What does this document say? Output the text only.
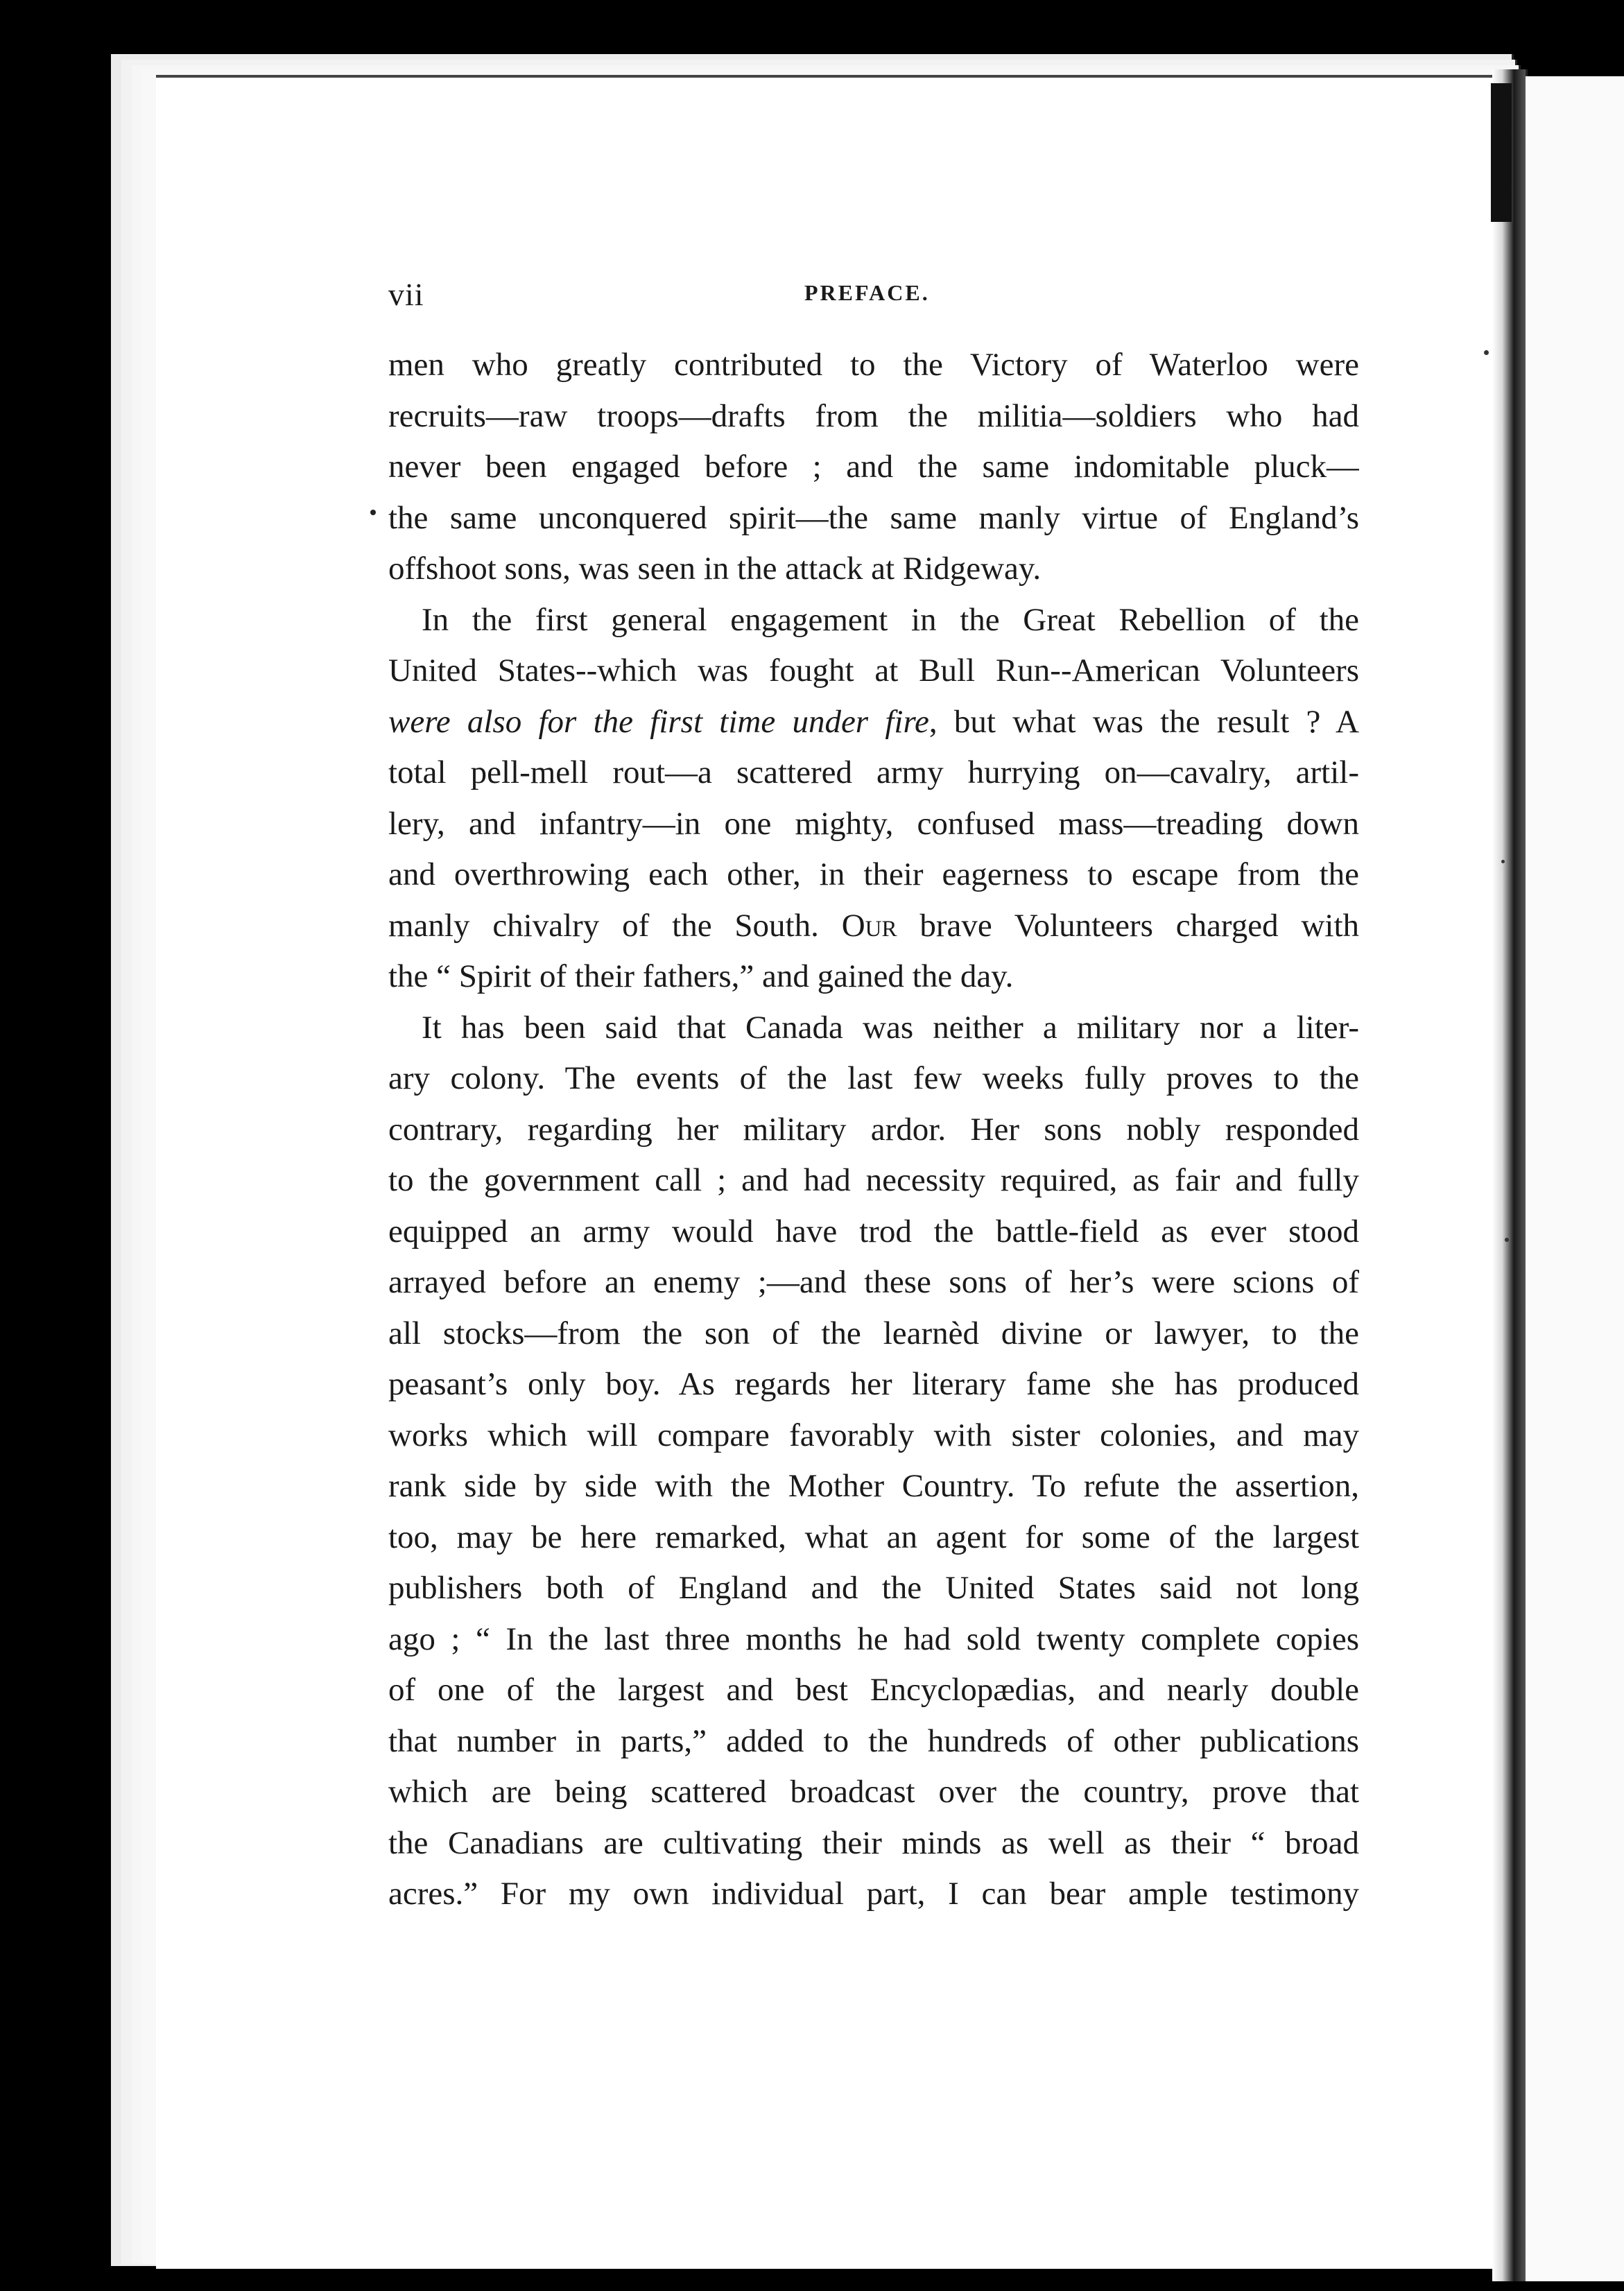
vii	PREFACE.

men who greatly contributed to the Victory of Waterloo were
recruits—raw troops—drafts from the militia—soldiers who had
never been engaged before ; and the same indomitable pluck—
the same unconquered spirit—the same manly virtue of England’s
offshoot sons, was seen in the attack at Ridgeway.

In the first general engagement in the Great Rebellion of the
United States--which was fought at Bull Run--American Volunteers
were also for the first time under fire, but what was the result ? A
total pell-mell rout—a scattered army hurrying on—cavalry, artil-
lery, and infantry—in one mighty, confused mass—treading down
and overthrowing each other, in their eagerness to escape from the
manly chivalry of the South. Our brave Volunteers charged with
the “ Spirit of their fathers,” and gained the day.

It has been said that Canada was neither a military nor a liter-
ary colony. The events of the last few weeks fully proves to the
contrary, regarding her military ardor. Her sons nobly responded
to the government call ; and had necessity required, as fair and fully
equipped an army would have trod the battle-field as ever stood
arrayed before an enemy ;—and these sons of her’s were scions of
all stocks—from the son of the learnèd divine or lawyer, to the
peasant’s only boy. As regards her literary fame she has produced
works which will compare favorably with sister colonies, and may
rank side by side with the Mother Country. To refute the assertion,
too, may be here remarked, what an agent for some of the largest
publishers both of England and the United States said not long
ago ; “ In the last three months he had sold twenty complete copies
of one of the largest and best Encyclopædias, and nearly double
that number in parts,” added to the hundreds of other publications
which are being scattered broadcast over the country, prove that
the Canadians are cultivating their minds as well as their “ broad
acres.” For my own individual part, I can bear ample testimony
